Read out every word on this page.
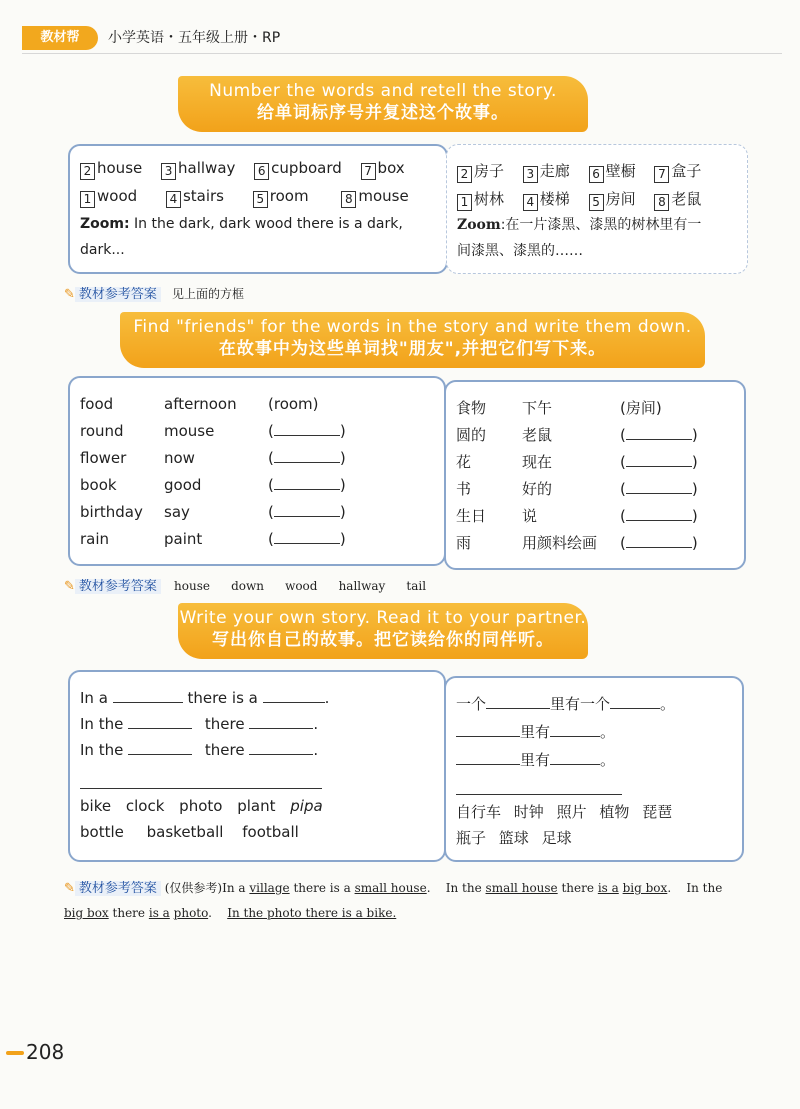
教材帮	小学英语・五年级上册・RP
Number the words and retell the story.
给单词标序号并复述这个故事。
2 house 3 hallway 6 cupboard 7 box
1 wood	4 stairs	5 room	8 mouse
Zoom: In the dark, dark wood there is a dark,
dark...
2 房子 3 走廊 6 壁橱 7 盒子
1 树林 4 楼梯 5 房间 8 老鼠
Zoom:在一片漆黑、漆黑的树林里有一
间漆黑、漆黑的……
✎ 教材参考答案 见上面的方框
Find "friends" for the words in the story and write them down.
在故事中为这些单词找"朋友",并把它们写下来。
food	afternoon (room)
round	mouse	(	)
flower	now	(	)
book	good	(	)
birthday say	(	)
rain	paint	(	)
食物 下午	(房间)
圆的 老鼠	(	)
花	现在	(	)
书	好的	(	)
生日 说	(	)
雨	用颜料绘画 (	)
✎ 教材参考答案 house down wood hallway tail
Write your own story. Read it to your partner.
写出你自己的故事。把它读给你的同伴听。
In a	there is a	.
In the	there	.
In the	there	.
bike clock photo plant pipa
bottle basketball football
一个	里有一个	。
里有	。
里有	。
自行车 时钟 照片 植物 琵琶
瓶子 篮球 足球
✎ 教材参考答案 (仅供参考)In a village there is a small house.    In the small house there is a big box.    In the
big box there is a photo.    In the photo there is a bike.
208
